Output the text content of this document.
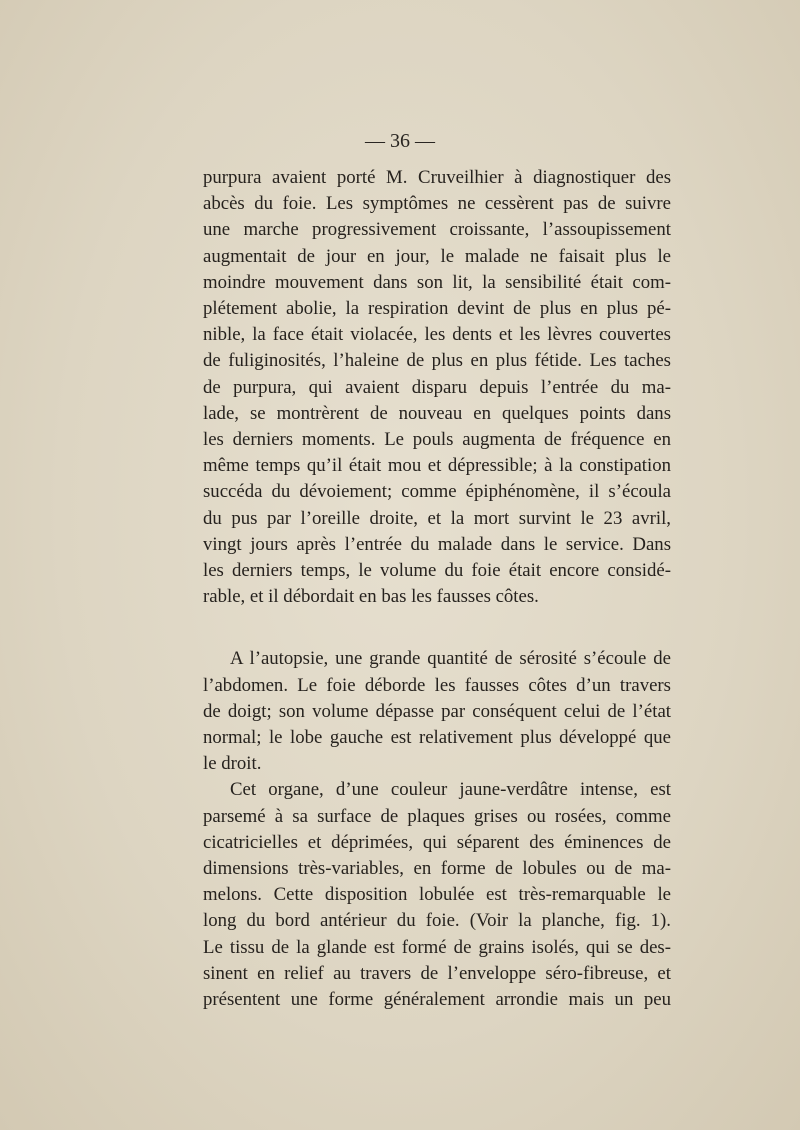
— 36 —
purpura avaient porté M. Cruveilhier à diagnostiquer des
abcès du foie. Les symptômes ne cessèrent pas de suivre
une marche progressivement croissante, l’assoupissement
augmentait de jour en jour, le malade ne faisait plus le
moindre mouvement dans son lit, la sensibilité était com-
plétement abolie, la respiration devint de plus en plus pé-
nible, la face était violacée, les dents et les lèvres couvertes
de fuliginosités, l’haleine de plus en plus fétide. Les taches
de purpura, qui avaient disparu depuis l’entrée du ma-
lade, se montrèrent de nouveau en quelques points dans
les derniers moments. Le pouls augmenta de fréquence en
même temps qu’il était mou et dépressible; à la constipation
succéda du dévoiement; comme épiphénomène, il s’écoula
du pus par l’oreille droite, et la mort survint le 23 avril,
vingt jours après l’entrée du malade dans le service. Dans
les derniers temps, le volume du foie était encore considé-
rable, et il débordait en bas les fausses côtes.
A l’autopsie, une grande quantité de sérosité s’écoule de
l’abdomen. Le foie déborde les fausses côtes d’un travers
de doigt; son volume dépasse par conséquent celui de l’état
normal; le lobe gauche est relativement plus développé que
le droit.
Cet organe, d’une couleur jaune-verdâtre intense, est
parsemé à sa surface de plaques grises ou rosées, comme
cicatricielles et déprimées, qui séparent des éminences de
dimensions très-variables, en forme de lobules ou de ma-
melons. Cette disposition lobulée est très-remarquable le
long du bord antérieur du foie. (Voir la planche, fig. 1).
Le tissu de la glande est formé de grains isolés, qui se des-
sinent en relief au travers de l’enveloppe séro-fibreuse, et
présentent une forme généralement arrondie mais un peu
